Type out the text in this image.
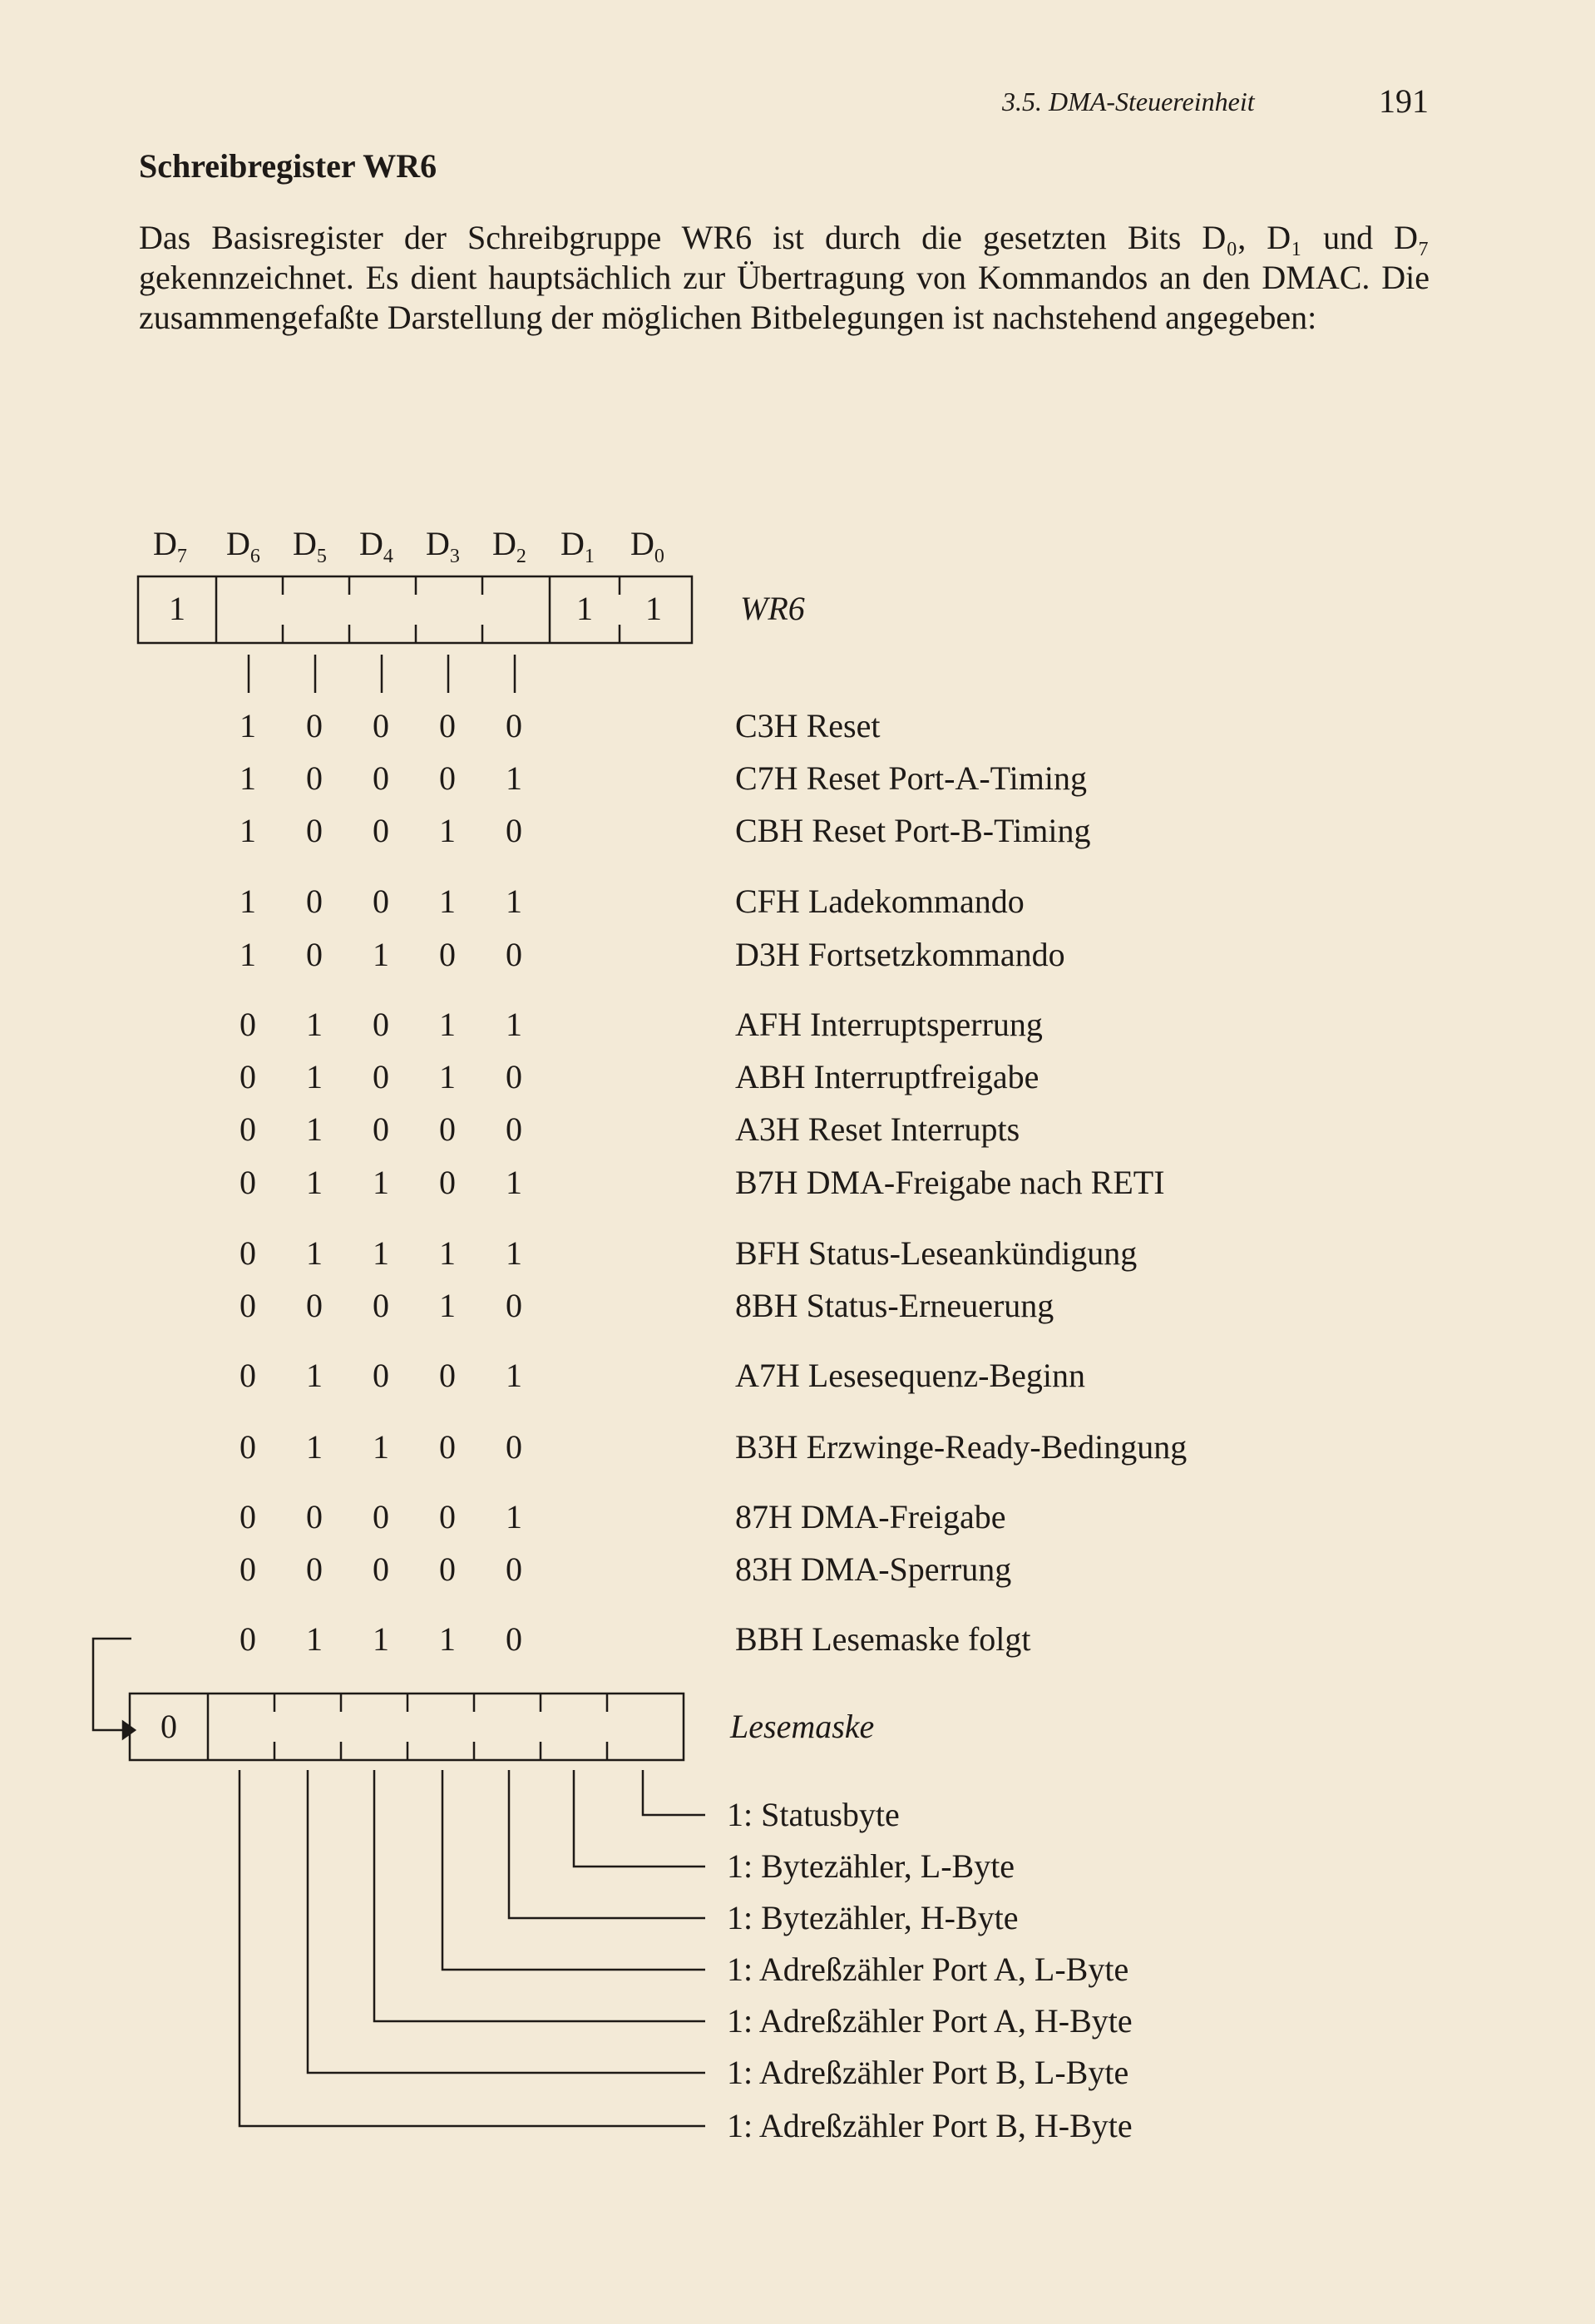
3.5. DMA-Steuereinheit	191
Schreibregister WR6
Das Basisregister der Schreibgruppe WR6 ist durch die gesetzten Bits D₀, D₁ und D₇ gekennzeichnet. Es dient hauptsächlich zur Übertragung von Kommandos an den DMAC. Die zusammengefaßte Darstellung der möglichen Bitbelegungen ist nachstehend angegeben:
$D_7$ $D_6$ $D_5$ $D_4$ $D_3$ $D_2$ $D_1$ $D_0$
1	1 1 WR6
1 0 0 0 0	C3H Reset
1 0 0 0 1	C7H Reset Port-A-Timing
1 0 0 1 0	CBH Reset Port-B-Timing
1 0 0 1 1	CFH Ladekommando
1 0 1 0 0	D3H Fortsetzkommando
0 1 0 1 1	AFH Interruptsperrung
0 1 0 1 0	ABH Interruptfreigabe
0 1 0 0 0	A3H Reset Interrupts
0 1 1 0 1	B7H DMA-Freigabe nach RETI
0 1 1 1 1	BFH Status-Leseankündigung
0 0 0 1 0	8BH Status-Erneuerung
0 1 0 0 1	A7H Lesesequenz-Beginn
0 1 1 0 0	B3H Erzwinge-Ready-Bedingung
0 0 0 0 1	87H DMA-Freigabe
0 0 0 0 0	83H DMA-Sperrung
0 1 1 1 0	BBH Lesemaske folgt
0	Lesemaske
1: Statusbyte
1: Bytezähler, L-Byte
1: Bytezähler, H-Byte
1: Adreßzähler Port A, L-Byte
1: Adreßzähler Port A, H-Byte
1: Adreßzähler Port B, L-Byte
1: Adreßzähler Port B, H-Byte
